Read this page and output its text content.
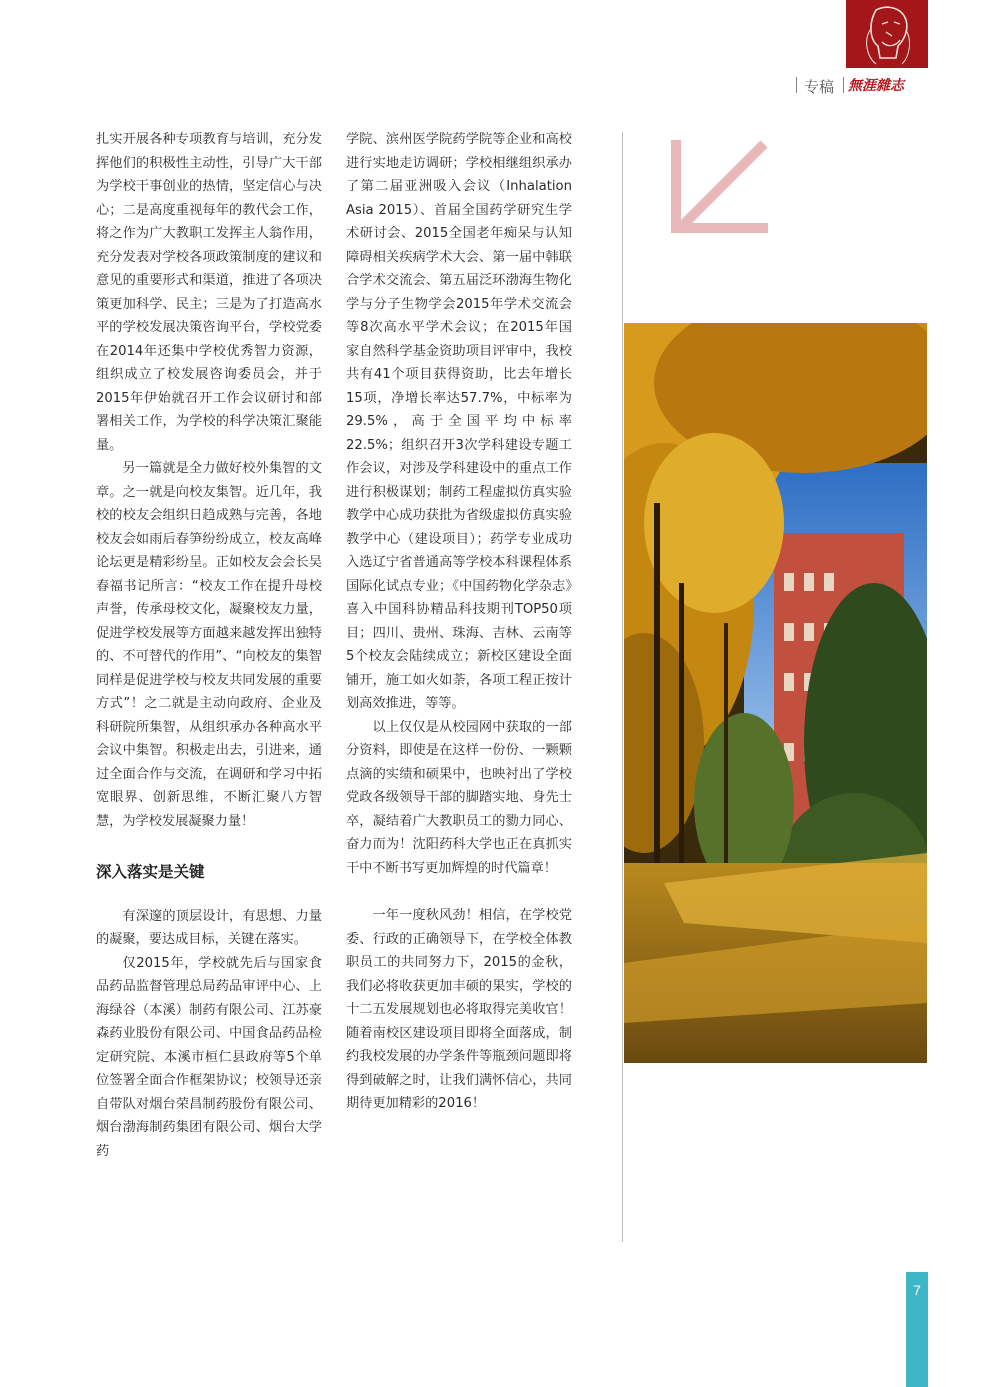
专稿 無涯雜志

扎实开展各种专项教育与培训，充分发挥他们的积极性主动性，引导广大干部为学校干事创业的热情，坚定信心与决心；二是高度重视每年的教代会工作，将之作为广大教职工发挥主人翁作用，充分发表对学校各项政策制度的建议和意见的重要形式和渠道，推进了各项决策更加科学、民主；三是为了打造高水平的学校发展决策咨询平台，学校党委在2014年还集中学校优秀智力资源，组织成立了校发展咨询委员会，并于2015年伊始就召开工作会议研讨和部署相关工作，为学校的科学决策汇聚能量。

另一篇就是全力做好校外集智的文章。之一就是向校友集智。近几年，我校的校友会组织日趋成熟与完善，各地校友会如雨后春笋纷纷成立，校友高峰论坛更是精彩纷呈。正如校友会会长吴春福书记所言：“校友工作在提升母校声誉，传承母校文化，凝聚校友力量，促进学校发展等方面越来越发挥出独特的、不可替代的作用”、“向校友的集智同样是促进学校与校友共同发展的重要方式”！之二就是主动向政府、企业及科研院所集智，从组织承办各种高水平会议中集智。积极走出去，引进来，通过全面合作与交流，在调研和学习中拓宽眼界、创新思维，不断汇聚八方智慧，为学校发展凝聚力量！

深入落实是关键

有深邃的顶层设计，有思想、力量的凝聚，要达成目标，关键在落实。

仅2015年，学校就先后与国家食品药品监督管理总局药品审评中心、上海绿谷（本溪）制药有限公司、江苏豪森药业股份有限公司、中国食品药品检定研究院、本溪市桓仁县政府等5个单位签署全面合作框架协议；校领导还亲自带队对烟台荣昌制药股份有限公司、烟台渤海制药集团有限公司、烟台大学药

学院、滨州医学院药学院等企业和高校进行实地走访调研；学校相继组织承办了第二届亚洲吸入会议（Inhalation Asia 2015）、首届全国药学研究生学术研讨会、2015全国老年痴呆与认知障碍相关疾病学术大会、第一届中韩联合学术交流会、第五届泛环渤海生物化学与分子生物学会2015年学术交流会等8次高水平学术会议；在2015年国家自然科学基金资助项目评审中，我校共有41个项目获得资助，比去年增长15项，净增长率达57.7%，中标率为29.5%，高于全国平均中标率22.5%；组织召开3次学科建设专题工作会议，对涉及学科建设中的重点工作进行积极谋划；制药工程虚拟仿真实验教学中心成功获批为省级虚拟仿真实验教学中心（建设项目）；药学专业成功入选辽宁省普通高等学校本科课程体系国际化试点专业；《中国药物化学杂志》喜入中国科协精品科技期刊TOP50项目；四川、贵州、珠海、吉林、云南等5个校友会陆续成立；新校区建设全面铺开，施工如火如荼，各项工程正按计划高效推进，等等。

以上仅仅是从校园网中获取的一部分资料，即使是在这样一份份、一颗颗点滴的实绩和硕果中，也映衬出了学校党政各级领导干部的脚踏实地、身先士卒，凝结着广大教职员工的勠力同心、奋力而为！沈阳药科大学也正在真抓实干中不断书写更加辉煌的时代篇章！

一年一度秋风劲！相信，在学校党委、行政的正确领导下，在学校全体教职员工的共同努力下，2015的金秋，我们必将收获更加丰硕的果实，学校的十二五发展规划也必将取得完美收官！随着南校区建设项目即将全面落成，制约我校发展的办学条件等瓶颈问题即将得到破解之时，让我们满怀信心，共同期待更加精彩的2016！

7
